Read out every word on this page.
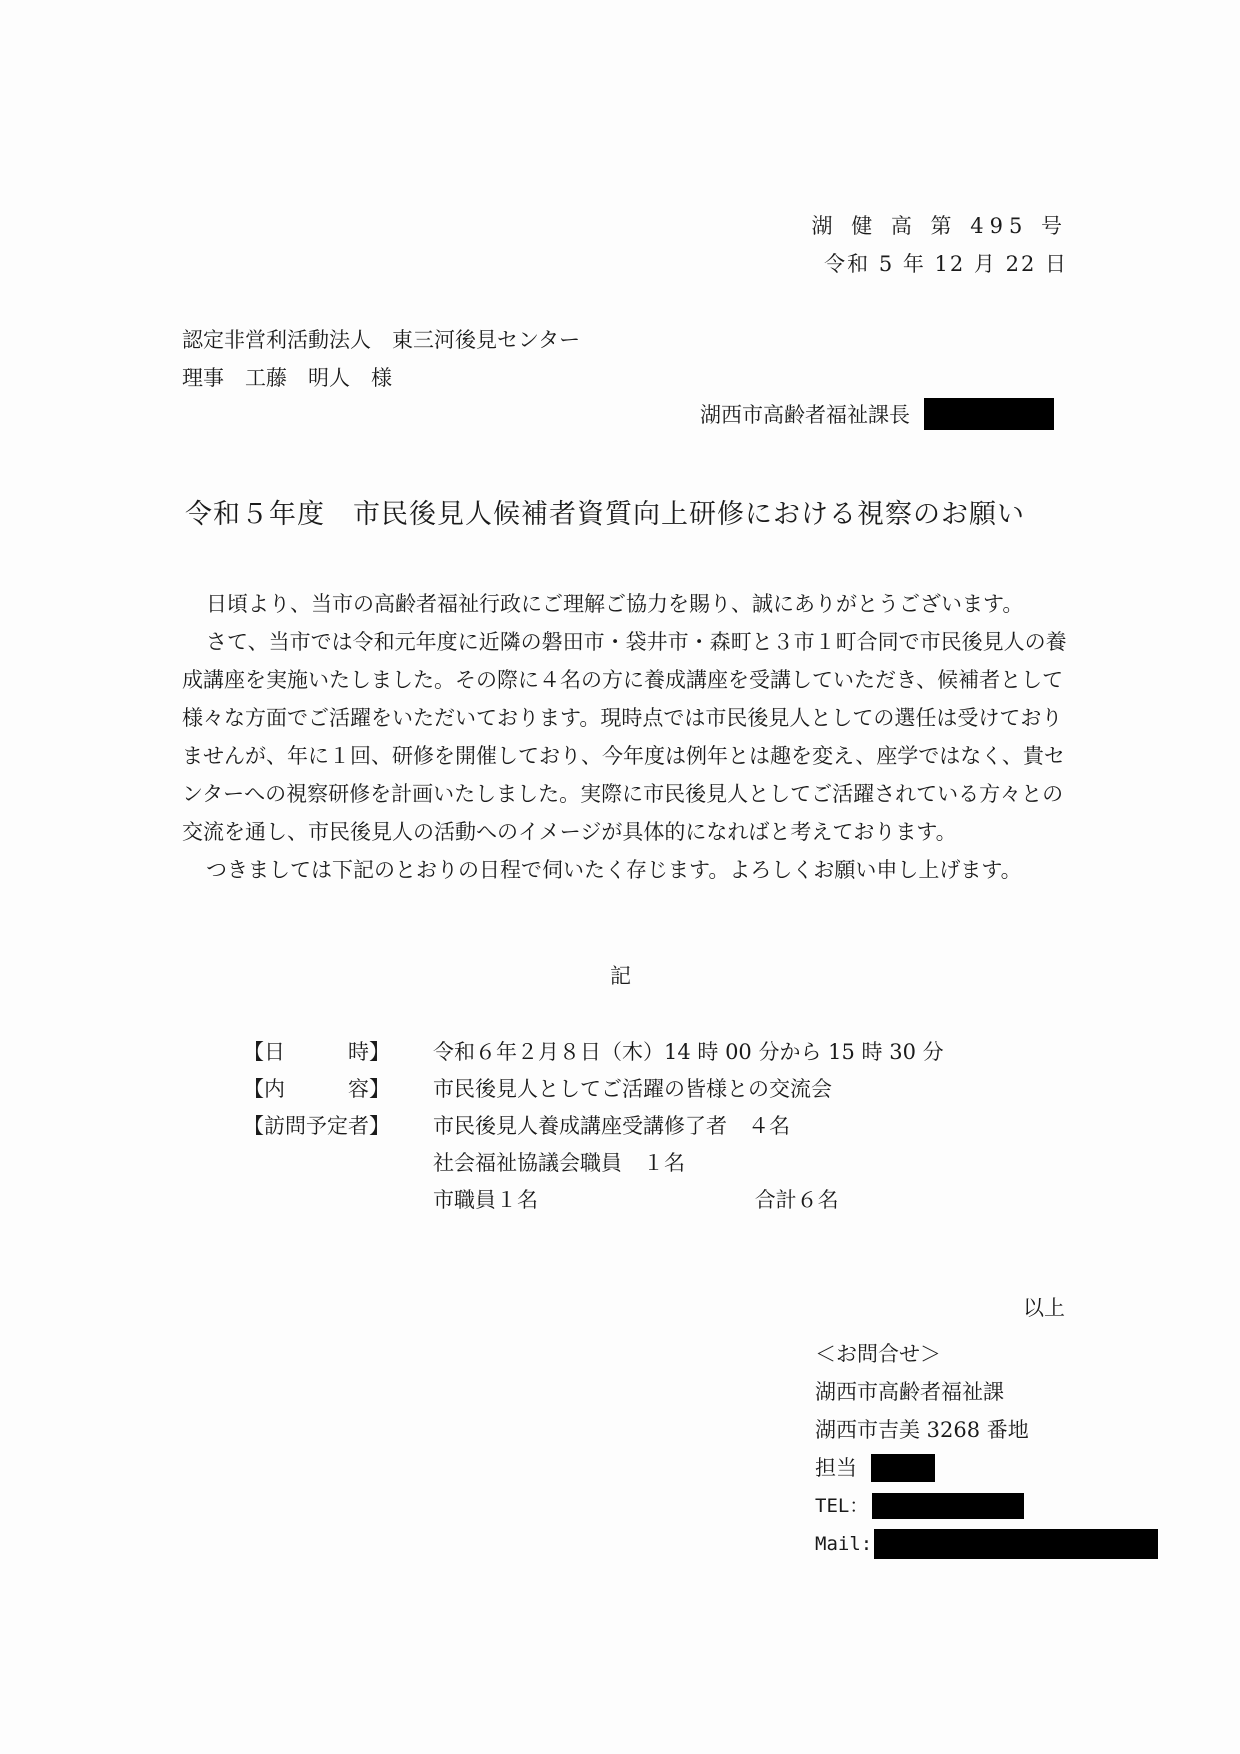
湖 健 高 第 495 号
令和 5 年 12 月 22 日
認定非営利活動法人　東三河後見センター
理事　工藤　明人　様
湖西市高齢者福祉課長
令和５年度　市民後見人候補者資質向上研修における視察のお願い

日頃より、当市の高齢者福祉行政にご理解ご協力を賜り、誠にありがとうございます。

さて、当市では令和元年度に近隣の磐田市・袋井市・森町と３市１町合同で市民後見人の養成講座を実施いたしました。その際に４名の方に養成講座を受講していただき、候補者として様々な方面でご活躍をいただいております。現時点では市民後見人としての選任は受けておりませんが、年に１回、研修を開催しており、今年度は例年とは趣を変え、座学ではなく、貴センターへの視察研修を計画いたしました。実際に市民後見人としてご活躍されている方々との交流を通し、市民後見人の活動へのイメージが具体的になればと考えております。

つきましては下記のとおりの日程で伺いたく存じます。よろしくお願い申し上げます。

記
【日　　　時】	令和６年２月８日（木）14 時 00 分から 15 時 30 分
【内　　　容】	市民後見人としてご活躍の皆様との交流会
【訪問予定者】	市民後見人養成講座受講修了者　４名
社会福祉協議会職員　１名
市職員１名	合計６名
以上
＜お問合せ＞
湖西市高齢者福祉課
湖西市吉美 3268 番地
担当
TEL：
Mail:
